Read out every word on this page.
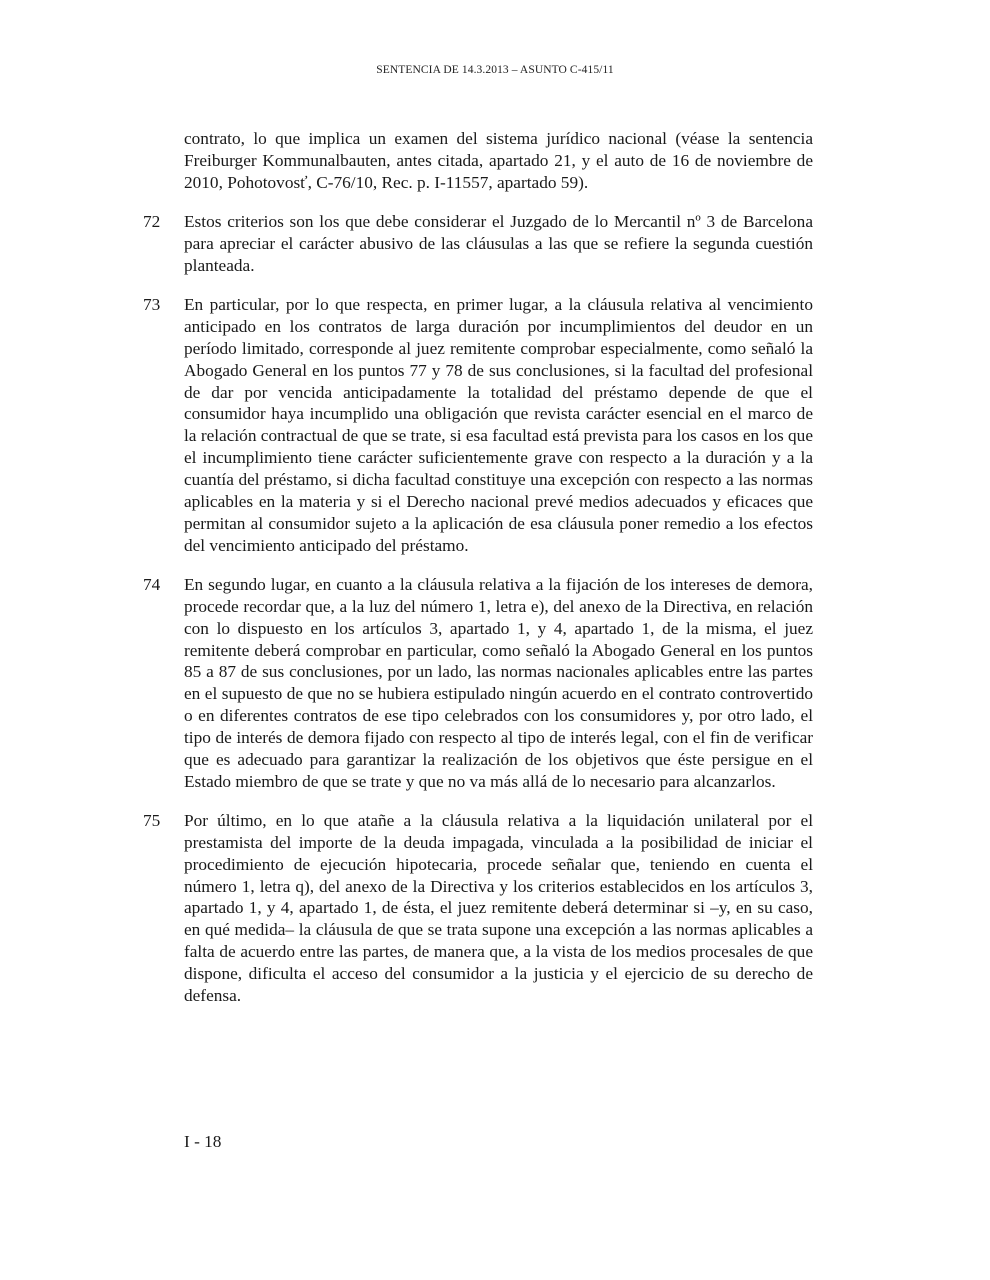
SENTENCIA DE 14.3.2013 – ASUNTO C-415/11
contrato, lo que implica un examen del sistema jurídico nacional (véase la sentencia Freiburger Kommunalbauten, antes citada, apartado 21, y el auto de 16 de noviembre de 2010, Pohotovosť, C-76/10, Rec. p. I-11557, apartado 59).
72	Estos criterios son los que debe considerar el Juzgado de lo Mercantil nº 3 de Barcelona para apreciar el carácter abusivo de las cláusulas a las que se refiere la segunda cuestión planteada.
73	En particular, por lo que respecta, en primer lugar, a la cláusula relativa al vencimiento anticipado en los contratos de larga duración por incumplimientos del deudor en un período limitado, corresponde al juez remitente comprobar especialmente, como señaló la Abogado General en los puntos 77 y 78 de sus conclusiones, si la facultad del profesional de dar por vencida anticipadamente la totalidad del préstamo depende de que el consumidor haya incumplido una obligación que revista carácter esencial en el marco de la relación contractual de que se trate, si esa facultad está prevista para los casos en los que el incumplimiento tiene carácter suficientemente grave con respecto a la duración y a la cuantía del préstamo, si dicha facultad constituye una excepción con respecto a las normas aplicables en la materia y si el Derecho nacional prevé medios adecuados y eficaces que permitan al consumidor sujeto a la aplicación de esa cláusula poner remedio a los efectos del vencimiento anticipado del préstamo.
74	En segundo lugar, en cuanto a la cláusula relativa a la fijación de los intereses de demora, procede recordar que, a la luz del número 1, letra e), del anexo de la Directiva, en relación con lo dispuesto en los artículos 3, apartado 1, y 4, apartado 1, de la misma, el juez remitente deberá comprobar en particular, como señaló la Abogado General en los puntos 85 a 87 de sus conclusiones, por un lado, las normas nacionales aplicables entre las partes en el supuesto de que no se hubiera estipulado ningún acuerdo en el contrato controvertido o en diferentes contratos de ese tipo celebrados con los consumidores y, por otro lado, el tipo de interés de demora fijado con respecto al tipo de interés legal, con el fin de verificar que es adecuado para garantizar la realización de los objetivos que éste persigue en el Estado miembro de que se trate y que no va más allá de lo necesario para alcanzarlos.
75	Por último, en lo que atañe a la cláusula relativa a la liquidación unilateral por el prestamista del importe de la deuda impagada, vinculada a la posibilidad de iniciar el procedimiento de ejecución hipotecaria, procede señalar que, teniendo en cuenta el número 1, letra q), del anexo de la Directiva y los criterios establecidos en los artículos 3, apartado 1, y 4, apartado 1, de ésta, el juez remitente deberá determinar si –y, en su caso, en qué medida– la cláusula de que se trata supone una excepción a las normas aplicables a falta de acuerdo entre las partes, de manera que, a la vista de los medios procesales de que dispone, dificulta el acceso del consumidor a la justicia y el ejercicio de su derecho de defensa.
I - 18
